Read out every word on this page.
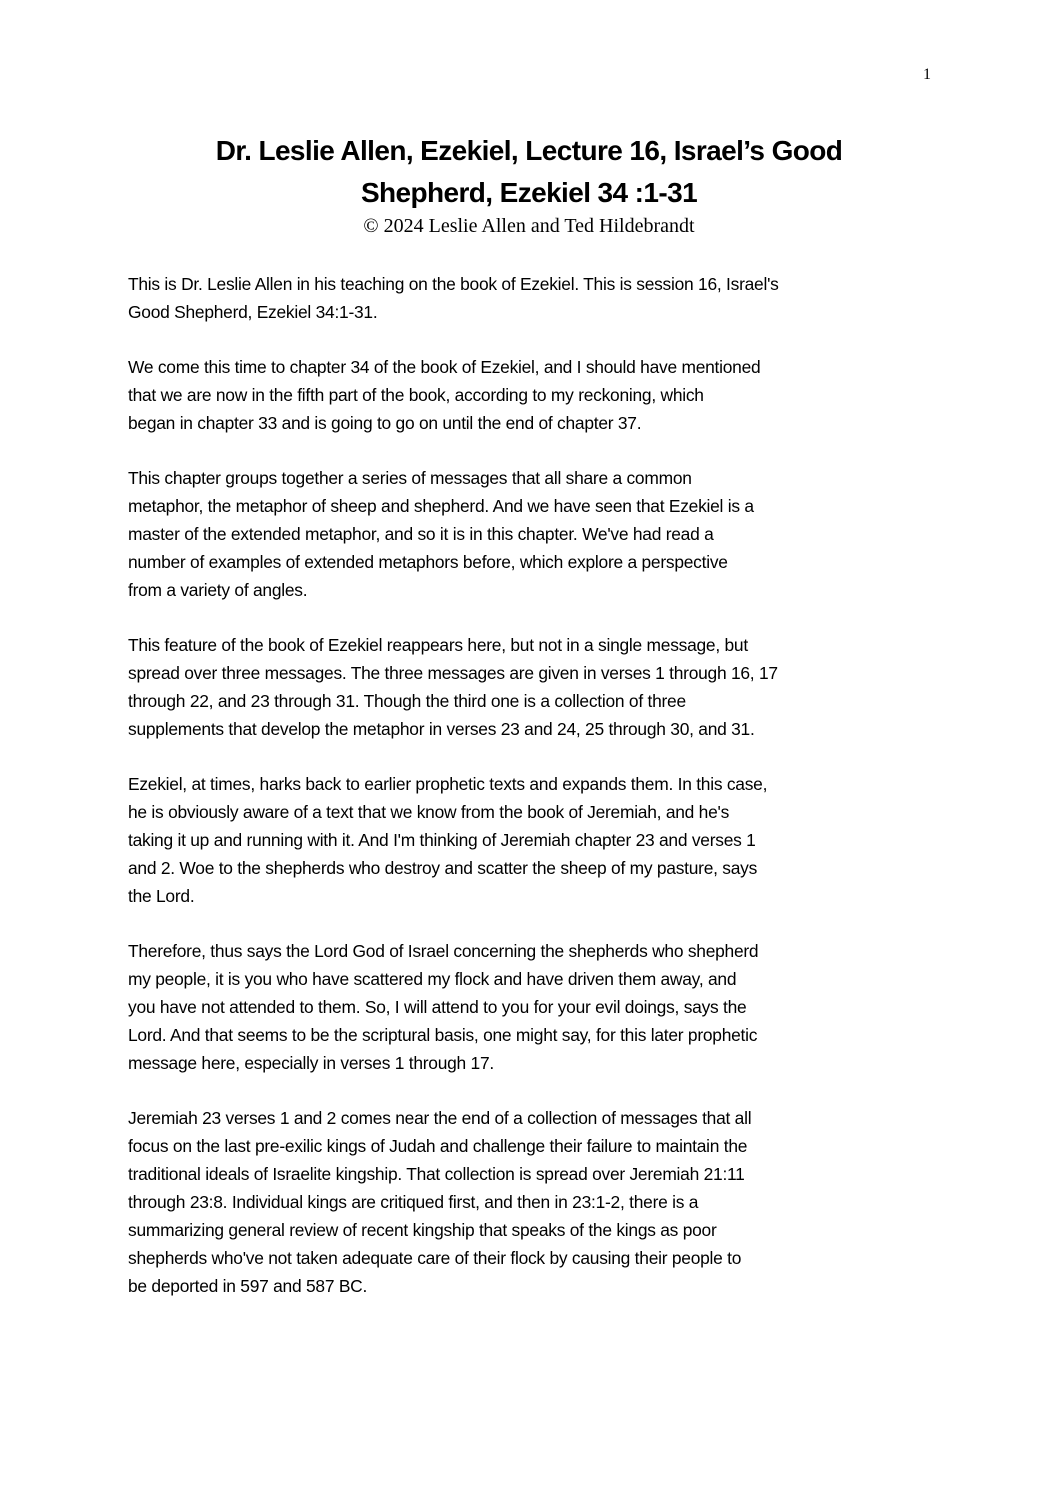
1
Dr. Leslie Allen, Ezekiel, Lecture 16, Israel’s Good
Shepherd, Ezekiel 34 :1-31
© 2024 Leslie Allen and Ted Hildebrandt

This is Dr. Leslie Allen in his teaching on the book of Ezekiel. This is session 16, Israel's
Good Shepherd, Ezekiel 34:1-31.

We come this time to chapter 34 of the book of Ezekiel, and I should have mentioned
that we are now in the fifth part of the book, according to my reckoning, which
began in chapter 33 and is going to go on until the end of chapter 37.

This chapter groups together a series of messages that all share a common
metaphor, the metaphor of sheep and shepherd. And we have seen that Ezekiel is a
master of the extended metaphor, and so it is in this chapter. We've had read a
number of examples of extended metaphors before, which explore a perspective
from a variety of angles.

This feature of the book of Ezekiel reappears here, but not in a single message, but
spread over three messages. The three messages are given in verses 1 through 16, 17
through 22, and 23 through 31. Though the third one is a collection of three
supplements that develop the metaphor in verses 23 and 24, 25 through 30, and 31.

Ezekiel, at times, harks back to earlier prophetic texts and expands them. In this case,
he is obviously aware of a text that we know from the book of Jeremiah, and he's
taking it up and running with it. And I'm thinking of Jeremiah chapter 23 and verses 1
and 2. Woe to the shepherds who destroy and scatter the sheep of my pasture, says
the Lord.

Therefore, thus says the Lord God of Israel concerning the shepherds who shepherd
my people, it is you who have scattered my flock and have driven them away, and
you have not attended to them. So, I will attend to you for your evil doings, says the
Lord. And that seems to be the scriptural basis, one might say, for this later prophetic
message here, especially in verses 1 through 17.

Jeremiah 23 verses 1 and 2 comes near the end of a collection of messages that all
focus on the last pre-exilic kings of Judah and challenge their failure to maintain the
traditional ideals of Israelite kingship. That collection is spread over Jeremiah 21:11
through 23:8. Individual kings are critiqued first, and then in 23:1-2, there is a
summarizing general review of recent kingship that speaks of the kings as poor
shepherds who've not taken adequate care of their flock by causing their people to
be deported in 597 and 587 BC.
